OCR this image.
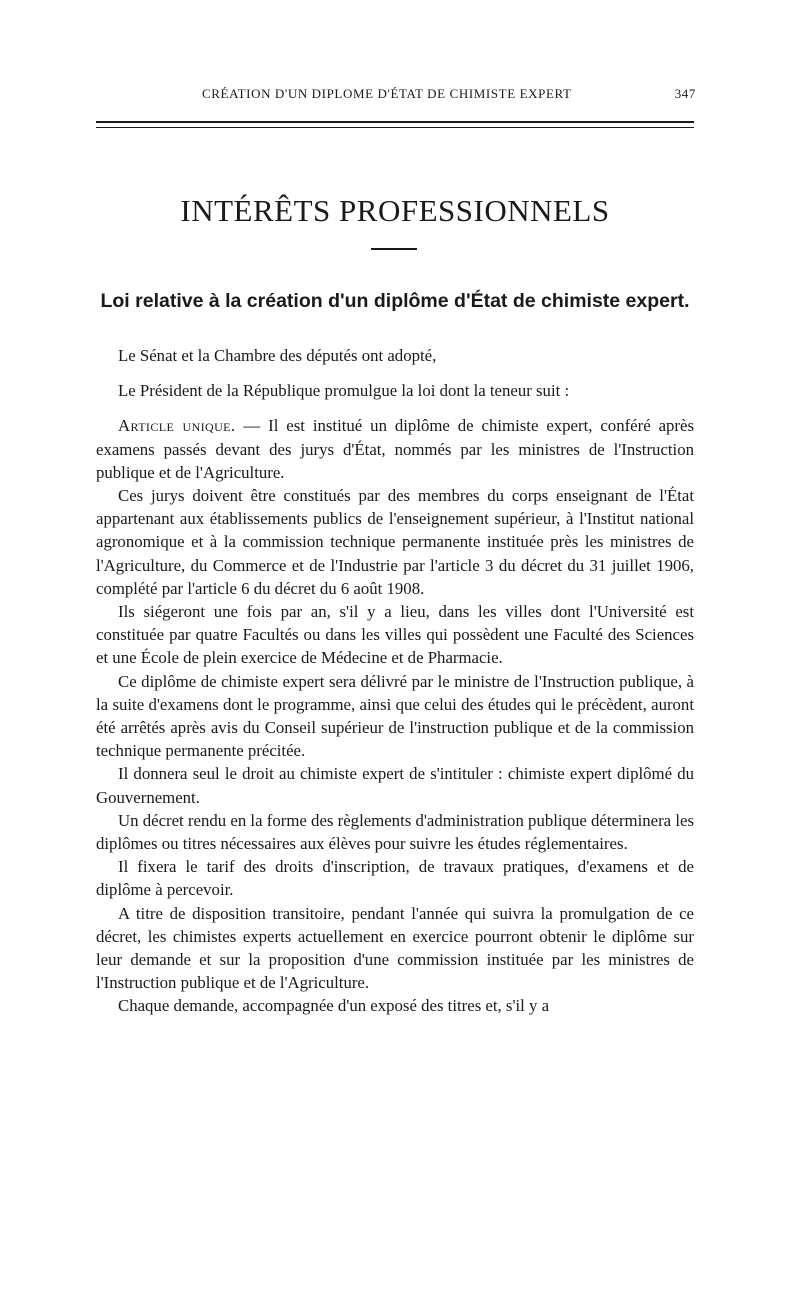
CRÉATION D'UN DIPLOME D'ÉTAT DE CHIMISTE EXPERT	347
INTÉRÊTS PROFESSIONNELS
Loi relative à la création d'un diplôme d'État de chimiste expert.

Le Sénat et la Chambre des députés ont adopté,

Le Président de la République promulgue la loi dont la teneur suit :

Article unique. — Il est institué un diplôme de chimiste expert, conféré après examens passés devant des jurys d'État, nommés par les ministres de l'Instruction publique et de l'Agriculture.

Ces jurys doivent être constitués par des membres du corps enseignant de l'État appartenant aux établissements publics de l'enseignement supérieur, à l'Institut national agronomique et à la commission technique permanente instituée près les ministres de l'Agriculture, du Commerce et de l'Industrie par l'article 3 du décret du 31 juillet 1906, complété par l'article 6 du décret du 6 août 1908.

Ils siégeront une fois par an, s'il y a lieu, dans les villes dont l'Université est constituée par quatre Facultés ou dans les villes qui possèdent une Faculté des Sciences et une École de plein exercice de Médecine et de Pharmacie.

Ce diplôme de chimiste expert sera délivré par le ministre de l'Instruction publique, à la suite d'examens dont le programme, ainsi que celui des études qui le précèdent, auront été arrêtés après avis du Conseil supérieur de l'instruction publique et de la commission technique permanente précitée.

Il donnera seul le droit au chimiste expert de s'intituler : chimiste expert diplômé du Gouvernement.

Un décret rendu en la forme des règlements d'administration publique déterminera les diplômes ou titres nécessaires aux élèves pour suivre les études réglementaires.

Il fixera le tarif des droits d'inscription, de travaux pratiques, d'examens et de diplôme à percevoir.

A titre de disposition transitoire, pendant l'année qui suivra la promulgation de ce décret, les chimistes experts actuellement en exercice pourront obtenir le diplôme sur leur demande et sur la proposition d'une commission instituée par les ministres de l'Instruction publique et de l'Agriculture.

Chaque demande, accompagnée d'un exposé des titres et, s'il y a
